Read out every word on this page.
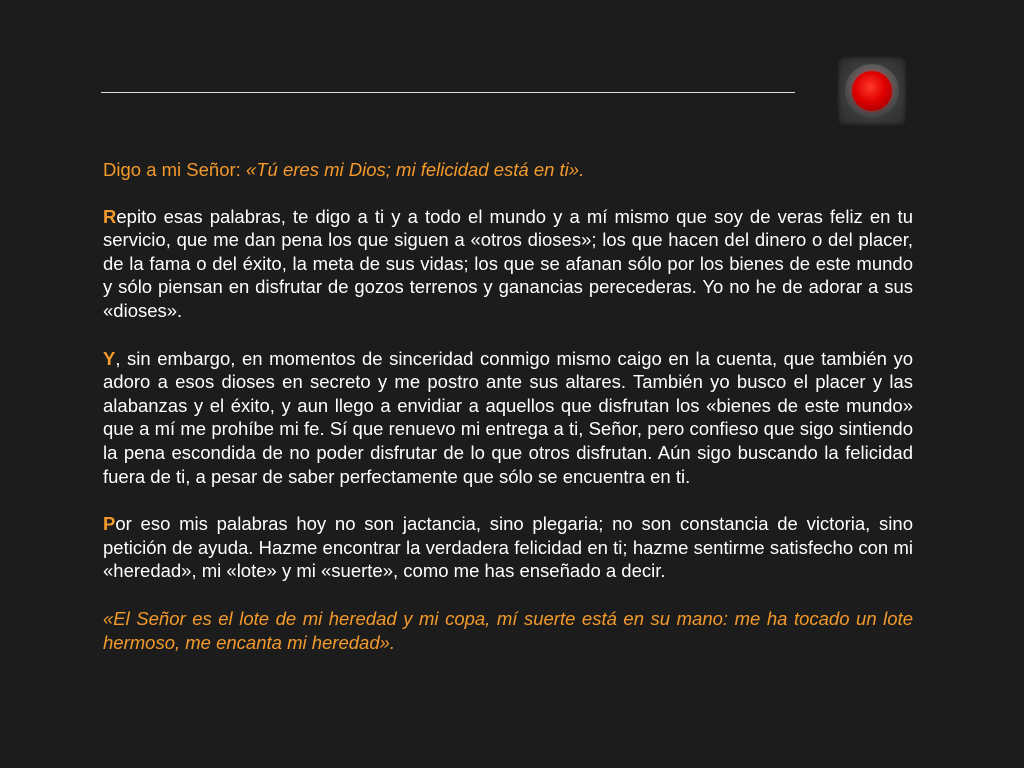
Digo a mi Señor: «Tú eres mi Dios; mi felicidad está en ti».

Repito esas palabras, te digo a ti y a todo el mundo y a mí mismo que soy de veras feliz en tu servicio, que me dan pena los que siguen a «otros dioses»; los que hacen del dinero o del placer, de la fama o del éxito, la meta de sus vidas; los que se afanan sólo por los bienes de este mundo y sólo piensan en disfrutar de gozos terrenos y ganancias perecederas. Yo no he de adorar a sus «dioses».

Y, sin embargo, en momentos de sinceridad conmigo mismo caigo en la cuenta, que también yo adoro a esos dioses en secreto y me postro ante sus altares. También yo busco el placer y las alabanzas y el éxito, y aun llego a envidiar a aquellos que disfrutan los «bienes de este mundo» que a mí me prohíbe mi fe. Sí que renuevo mi entrega a ti, Señor, pero confieso que sigo sintiendo la pena escondida de no poder disfrutar de lo que otros disfrutan. Aún sigo buscando la felicidad fuera de ti, a pesar de saber perfectamente que sólo se encuentra en ti.

Por eso mis palabras hoy no son jactancia, sino plegaria; no son constancia de victoria, sino petición de ayuda. Hazme encontrar la verdadera felicidad en ti; hazme sentirme satisfecho con mi «heredad», mi «lote» y mi «suerte», como me has enseñado a decir.

«El Señor es el lote de mi heredad y mi copa, mí suerte está en su mano: me ha tocado un lote hermoso, me encanta mi heredad».
